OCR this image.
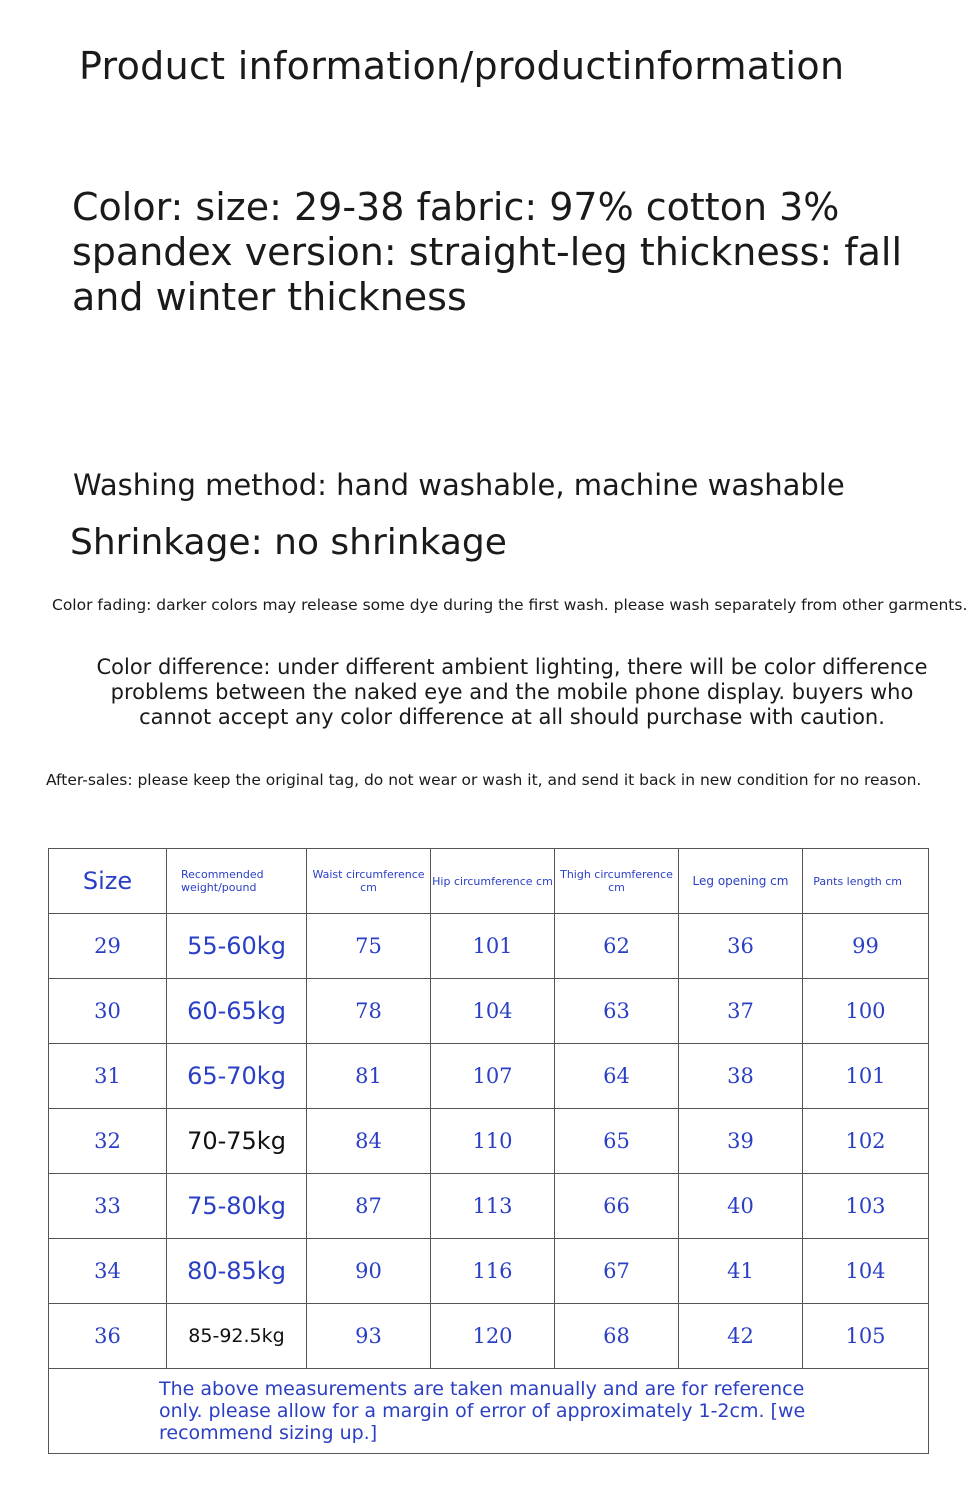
Product information/productinformation

Color: size: 29-38 fabric: 97% cotton 3% spandex version: straight-leg thickness: fall and winter thickness

Washing method: hand washable, machine washable

Shrinkage: no shrinkage

Color fading: darker colors may release some dye during the first wash. please wash separately from other garments.

Color difference: under different ambient lighting, there will be color difference problems between the naked eye and the mobile phone display. buyers who cannot accept any color difference at all should purchase with caution.

After-sales: please keep the original tag, do not wear or wash it, and send it back in new condition for no reason.

Size	Recommended weight/pound	Waist circumference cm	Hip circumference cm	Thigh circumference cm	Leg opening cm	Pants length cm
29	55-60kg	75	101	62	36	99
30	60-65kg	78	104	63	37	100
31	65-70kg	81	107	64	38	101
32	70-75kg	84	110	65	39	102
33	75-80kg	87	113	66	40	103
34	80-85kg	90	116	67	41	104
36	85-92.5kg	93	120	68	42	105
The above measurements are taken manually and are for reference only. please allow for a margin of error of approximately 1-2cm. [we recommend sizing up.]						
